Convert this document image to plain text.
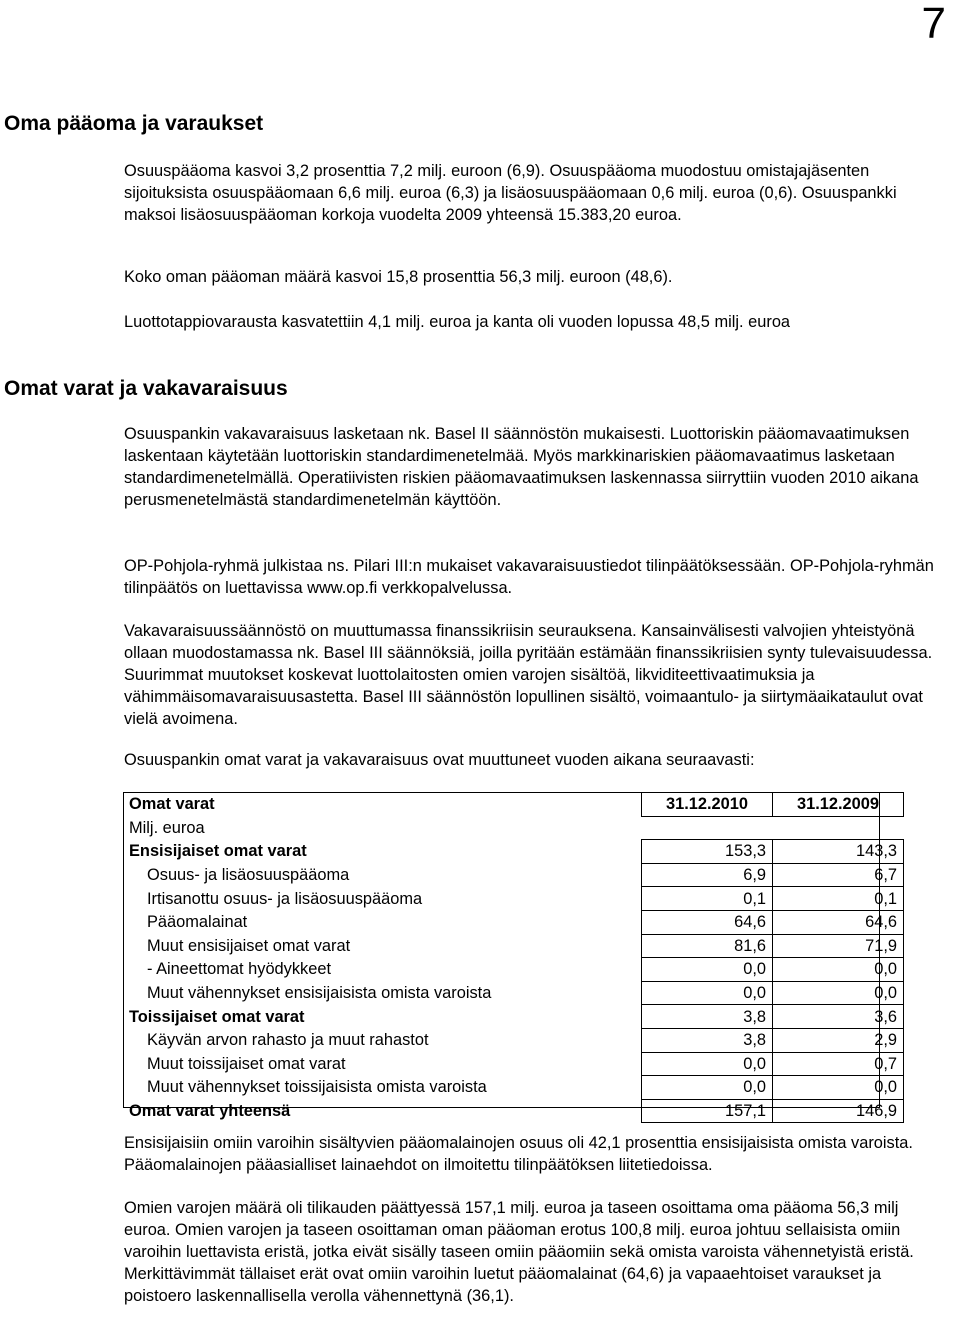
7
Oma pääoma ja varaukset

Osuuspääoma kasvoi 3,2 prosenttia 7,2 milj. euroon (6,9). Osuuspääoma muodostuu omistajajäsenten sijoituksista osuuspääomaan 6,6 milj. euroa (6,3) ja lisäosuuspääomaan 0,6 milj. euroa (0,6). Osuuspankki maksoi lisäosuuspääoman korkoja vuodelta 2009 yhteensä 15.383,20 euroa.

Koko oman pääoman määrä kasvoi 15,8 prosenttia 56,3 milj. euroon (48,6).

Luottotappiovarausta kasvatettiin 4,1 milj. euroa ja kanta oli vuoden lopussa 48,5 milj. euroa

Omat varat ja vakavaraisuus

Osuuspankin vakavaraisuus lasketaan nk. Basel II säännöstön mukaisesti. Luottoriskin pääomavaatimuksen laskentaan käytetään luottoriskin standardimenetelmää. Myös markkinariskien pääomavaatimus lasketaan standardimenetelmällä. Operatiivisten riskien pääomavaatimuksen laskennassa siirryttiin vuoden 2010 aikana perusmenetelmästä standardimenetelmän käyttöön.

OP-Pohjola-ryhmä julkistaa ns. Pilari III:n mukaiset vakavaraisuustiedot tilinpäätöksessään. OP-Pohjola-ryhmän tilinpäätös on luettavissa www.op.fi verkkopalvelussa.

Vakavaraisuussäännöstö on muuttumassa finanssikriisin seurauksena. Kansainvälisesti valvojien yhteistyönä ollaan muodostamassa nk. Basel III säännöksiä, joilla pyritään estämään finanssikriisien synty tulevaisuudessa. Suurimmat muutokset koskevat luottolaitosten omien varojen sisältöä, likviditeettivaatimuksia ja vähimmäisomavaraisuusastetta. Basel III säännöstön lopullinen sisältö, voimaantulo- ja siirtymäaikataulut ovat vielä avoimena.

Osuuspankin omat varat ja vakavaraisuus ovat muuttuneet vuoden aikana seuraavasti:

Omat varat	31.12.2010	31.12.2009
Milj. euroa		
Ensisijaiset omat varat	153,3	143,3
Osuus- ja lisäosuuspääoma	6,9	6,7
Irtisanottu osuus- ja lisäosuuspääoma	0,1	0,1
Pääomalainat	64,6	64,6
Muut ensisijaiset omat varat	81,6	71,9
- Aineettomat hyödykkeet	0,0	0,0
Muut vähennykset ensisijaisista omista varoista	0,0	0,0
Toissijaiset omat varat	3,8	3,6
Käyvän arvon rahasto ja muut rahastot	3,8	2,9
Muut toissijaiset omat varat	0,0	0,7
Muut vähennykset toissijaisista omista varoista	0,0	0,0
Omat varat yhteensä	157,1	146,9

Ensisijaisiin omiin varoihin sisältyvien pääomalainojen osuus oli 42,1 prosenttia ensisijaisista omista varoista. Pääomalainojen pääasialliset lainaehdot on ilmoitettu tilinpäätöksen liitetiedoissa.

Omien varojen määrä oli tilikauden päättyessä 157,1 milj. euroa ja taseen osoittama oma pääoma 56,3 milj euroa. Omien varojen ja taseen osoittaman oman pääoman erotus 100,8 milj. euroa johtuu sellaisista omiin varoihin luettavista eristä, jotka eivät sisälly taseen omiin pääomiin sekä omista varoista vähennetyistä eristä. Merkittävimmät tällaiset erät ovat omiin varoihin luetut pääomalainat (64,6) ja vapaaehtoiset varaukset ja poistoero laskennallisella verolla vähennettynä (36,1).
